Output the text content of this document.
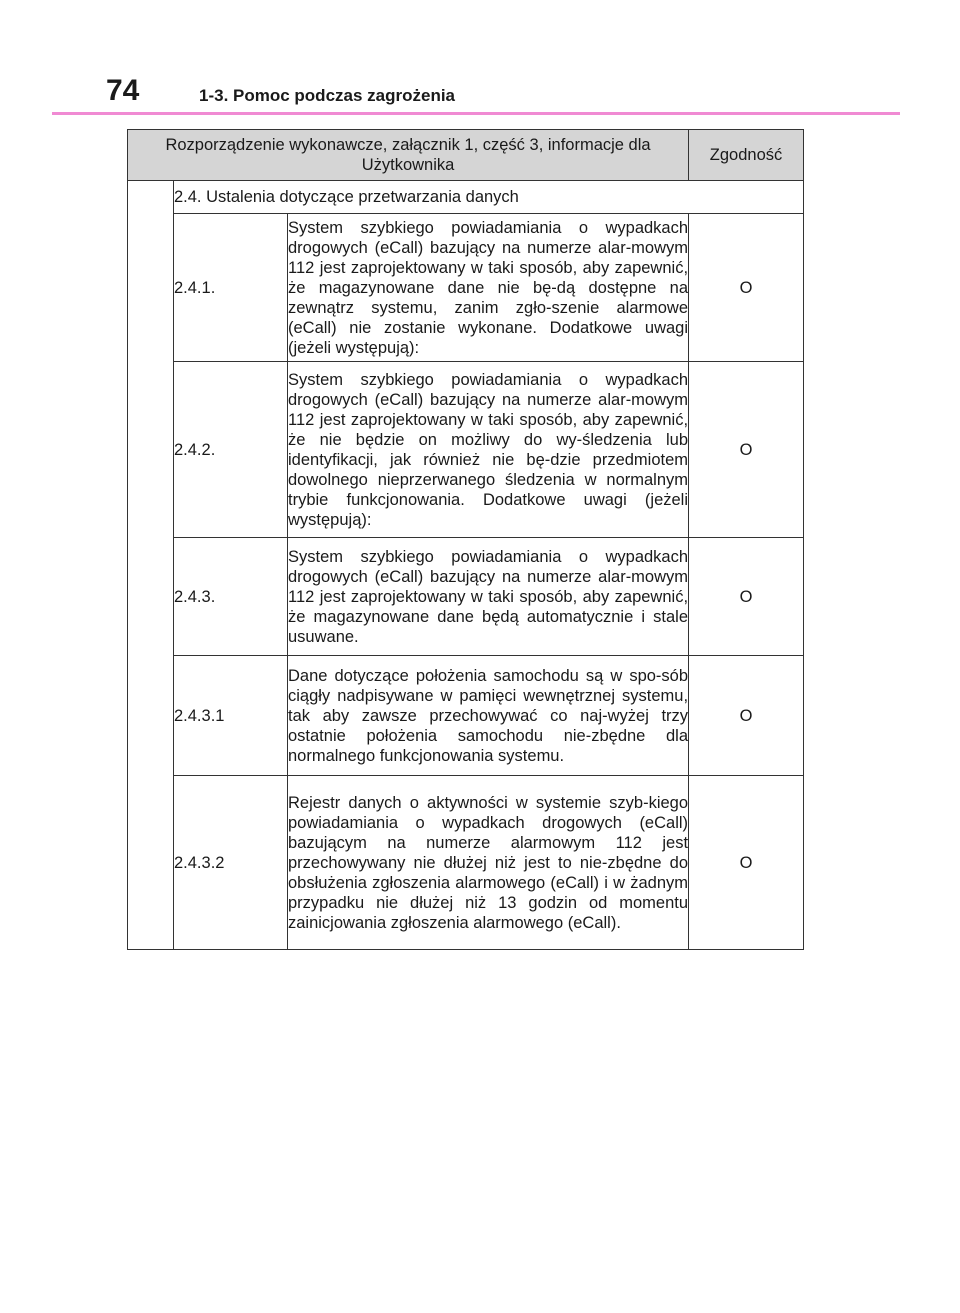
74	1-3. Pomoc podczas zagrożenia
Rozporządzenie wykonawcze, załącznik 1, część 3, informacje dla Użytkownika			Zgodność
	2.4. Ustalenia dotyczące przetwarzania danych		
	2.4.1.	System szybkiego powiadamiania o wypadkach drogowych (eCall) bazujący na numerze alar-mowym 112 jest zaprojektowany w taki sposób, aby zapewnić, że magazynowane dane nie bę-dą dostępne na zewnątrz systemu, zanim zgło-szenie alarmowe (eCall) nie zostanie wykonane. Dodatkowe uwagi (jeżeli występują):	O
	2.4.2.	System szybkiego powiadamiania o wypadkach drogowych (eCall) bazujący na numerze alar-mowym 112 jest zaprojektowany w taki sposób, aby zapewnić, że nie będzie on możliwy do wy-śledzenia lub identyfikacji, jak również nie bę-dzie przedmiotem dowolnego nieprzerwanego śledzenia w normalnym trybie funkcjonowania. Dodatkowe uwagi (jeżeli występują):	O
	2.4.3.	System szybkiego powiadamiania o wypadkach drogowych (eCall) bazujący na numerze alar-mowym 112 jest zaprojektowany w taki sposób, aby zapewnić, że magazynowane dane będą automatycznie i stale usuwane.	O
	2.4.3.1	Dane dotyczące położenia samochodu są w spo-sób ciągły nadpisywane w pamięci wewnętrznej systemu, tak aby zawsze przechowywać co naj-wyżej trzy ostatnie położenia samochodu nie-zbędne dla normalnego funkcjonowania systemu.	O
	2.4.3.2	Rejestr danych o aktywności w systemie szyb-kiego powiadamiania o wypadkach drogowych (eCall) bazującym na numerze alarmowym 112 jest przechowywany nie dłużej niż jest to nie-zbędne do obsłużenia zgłoszenia alarmowego (eCall) i w żadnym przypadku nie dłużej niż 13 godzin od momentu zainicjowania zgłoszenia alarmowego (eCall).	O
